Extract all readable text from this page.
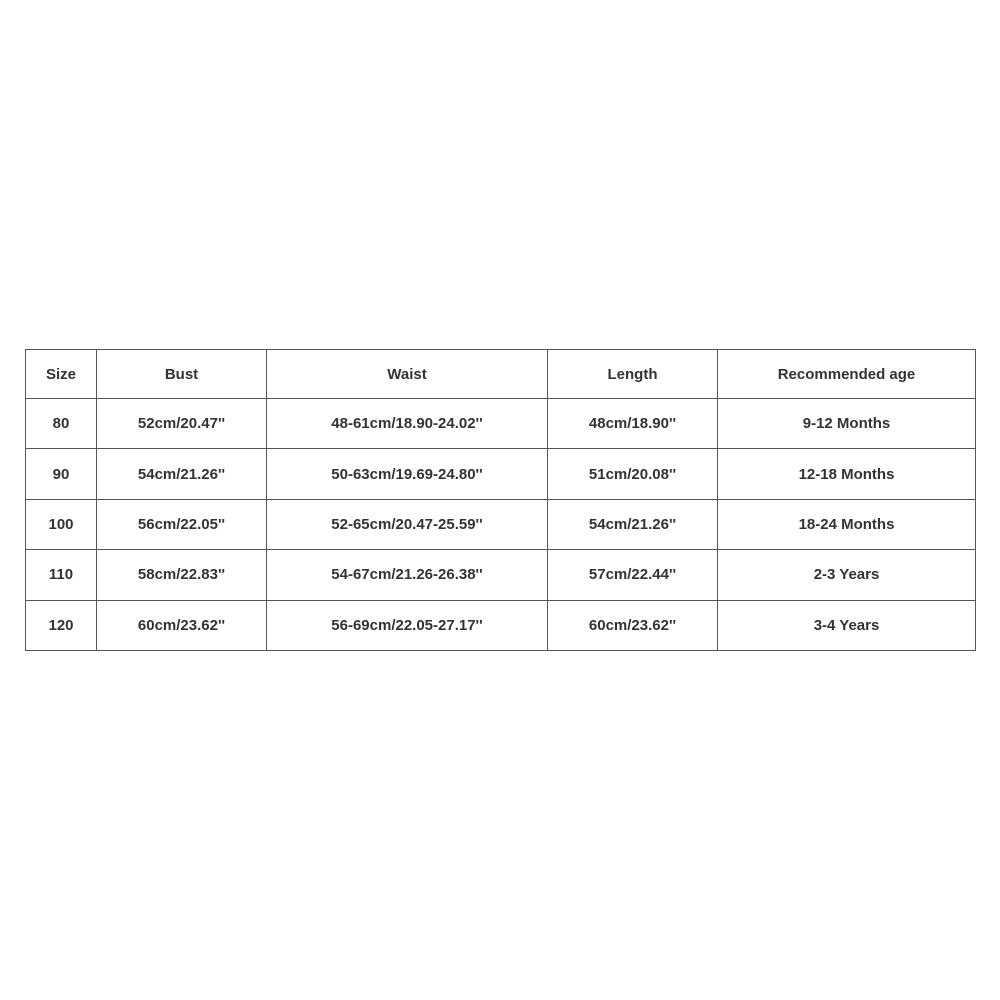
Size	Bust	Waist	Length	Recommended age
80	52cm/20.47''	48-61cm/18.90-24.02''	48cm/18.90''	9-12 Months
90	54cm/21.26''	50-63cm/19.69-24.80''	51cm/20.08''	12-18 Months
100	56cm/22.05''	52-65cm/20.47-25.59''	54cm/21.26''	18-24 Months
110	58cm/22.83''	54-67cm/21.26-26.38''	57cm/22.44''	2-3 Years
120	60cm/23.62''	56-69cm/22.05-27.17''	60cm/23.62''	3-4 Years
